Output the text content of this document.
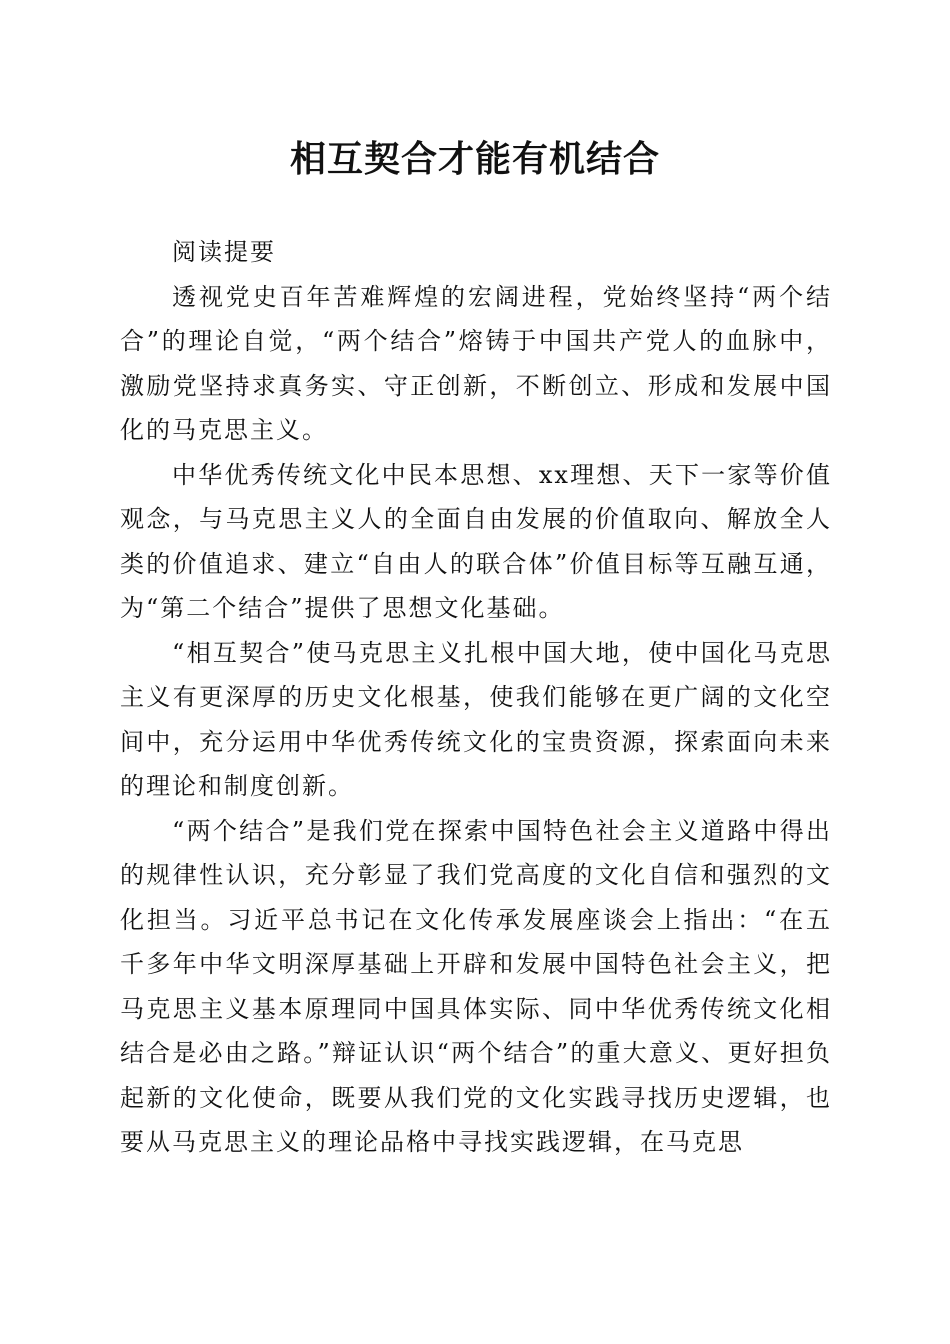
相互契合才能有机结合

阅读提要

透视党史百年苦难辉煌的宏阔进程，党始终坚持“两个结合”的理论自觉，“两个结合”熔铸于中国共产党人的血脉中，激励党坚持求真务实、守正创新，不断创立、形成和发展中国化的马克思主义。

中华优秀传统文化中民本思想、xx理想、天下一家等价值观念，与马克思主义人的全面自由发展的价值取向、解放全人类的价值追求、建立“自由人的联合体”价值目标等互融互通，为“第二个结合”提供了思想文化基础。

“相互契合”使马克思主义扎根中国大地，使中国化马克思主义有更深厚的历史文化根基，使我们能够在更广阔的文化空间中，充分运用中华优秀传统文化的宝贵资源，探索面向未来的理论和制度创新。

“两个结合”是我们党在探索中国特色社会主义道路中得出的规律性认识，充分彰显了我们党高度的文化自信和强烈的文化担当。习近平总书记在文化传承发展座谈会上指出：“在五千多年中华文明深厚基础上开辟和发展中国特色社会主义，把马克思主义基本原理同中国具体实际、同中华优秀传统文化相结合是必由之路。”辩证认识“两个结合”的重大意义、更好担负起新的文化使命，既要从我们党的文化实践寻找历史逻辑，也要从马克思主义的理论品格中寻找实践逻辑，在马克思
